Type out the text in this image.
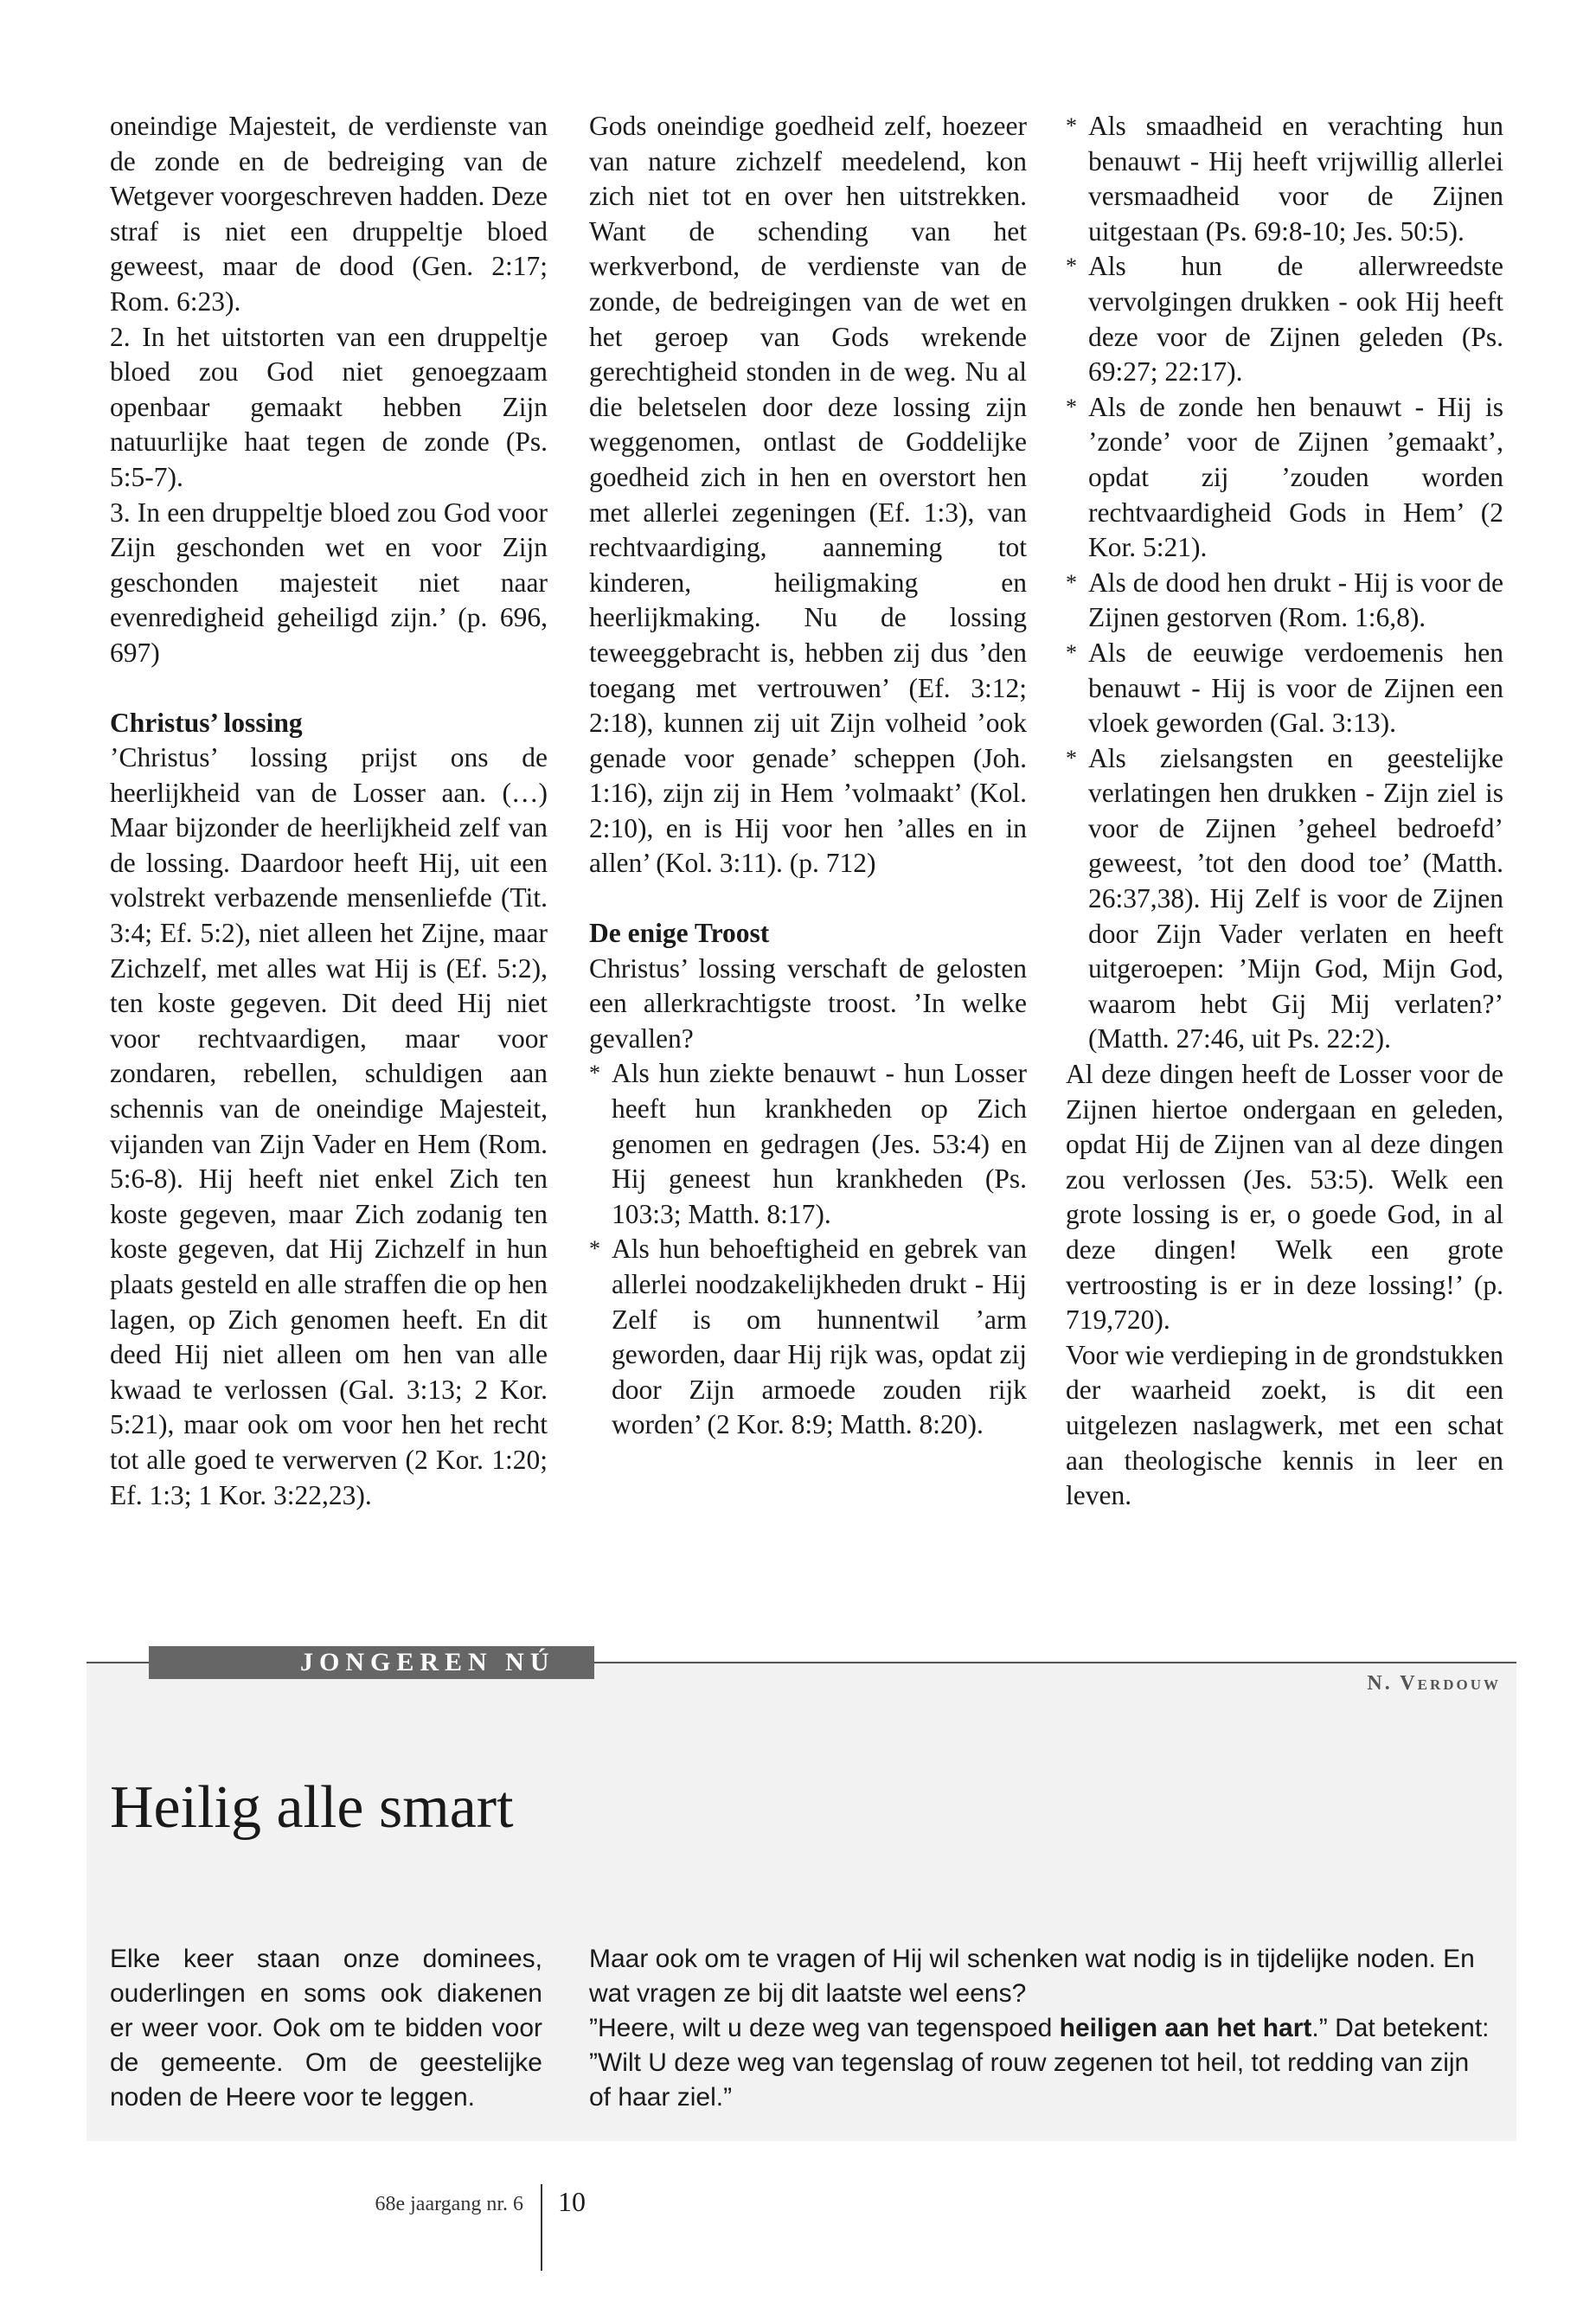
oneindige Majesteit, de verdienste van de zonde en de bedreiging van de Wetgever voorgeschreven hadden. Deze straf is niet een druppeltje bloed geweest, maar de dood (Gen. 2:17; Rom. 6:23).

2. In het uitstorten van een druppeltje bloed zou God niet genoegzaam openbaar gemaakt hebben Zijn natuurlijke haat tegen de zonde (Ps. 5:5-7).

3. In een druppeltje bloed zou God voor Zijn geschonden wet en voor Zijn geschonden majesteit niet naar evenredigheid geheiligd zijn.’ (p. 696, 697)

Christus’ lossing

’Christus’ lossing prijst ons de heerlijkheid van de Losser aan. (…) Maar bijzonder de heerlijkheid zelf van de lossing. Daardoor heeft Hij, uit een volstrekt verbazende mensenliefde (Tit. 3:4; Ef. 5:2), niet alleen het Zijne, maar Zichzelf, met alles wat Hij is (Ef. 5:2), ten koste gegeven. Dit deed Hij niet voor rechtvaardigen, maar voor zondaren, rebellen, schuldigen aan schennis van de oneindige Majesteit, vijanden van Zijn Vader en Hem (Rom. 5:6-8). Hij heeft niet enkel Zich ten koste gegeven, maar Zich zodanig ten koste gegeven, dat Hij Zichzelf in hun plaats gesteld en alle straffen die op hen lagen, op Zich genomen heeft. En dit deed Hij niet alleen om hen van alle kwaad te verlossen (Gal. 3:13; 2 Kor. 5:21), maar ook om voor hen het recht tot alle goed te verwerven (2 Kor. 1:20; Ef. 1:3; 1 Kor. 3:22,23).

Gods oneindige goedheid zelf, hoezeer van nature zichzelf meedelend, kon zich niet tot en over hen uitstrekken. Want de schending van het werkverbond, de verdienste van de zonde, de bedreigingen van de wet en het geroep van Gods wrekende gerechtigheid stonden in de weg. Nu al die beletselen door deze lossing zijn weggenomen, ontlast de Goddelijke goedheid zich in hen en overstort hen met allerlei zegeningen (Ef. 1:3), van rechtvaardiging, aanneming tot kinderen, heiligmaking en heerlijkmaking. Nu de lossing teweeggebracht is, hebben zij dus ’den toegang met vertrouwen’ (Ef. 3:12; 2:18), kunnen zij uit Zijn volheid ’ook genade voor genade’ scheppen (Joh. 1:16), zijn zij in Hem ’volmaakt’ (Kol. 2:10), en is Hij voor hen ’alles en in allen’ (Kol. 3:11). (p. 712)

De enige Troost

Christus’ lossing verschaft de gelosten een allerkrachtigste troost. ’In welke gevallen?

* Als hun ziekte benauwt - hun Losser heeft hun krankheden op Zich genomen en gedragen (Jes. 53:4) en Hij geneest hun krankheden (Ps. 103:3; Matth. 8:17).

* Als hun behoeftigheid en gebrek van allerlei noodzakelijkheden drukt - Hij Zelf is om hunnentwil ’arm geworden, daar Hij rijk was, opdat zij door Zijn armoede zouden rijk worden’ (2 Kor. 8:9; Matth. 8:20).

* Als smaadheid en verachting hun benauwt - Hij heeft vrijwillig allerlei versmaadheid voor de Zijnen uitgestaan (Ps. 69:8-10; Jes. 50:5).

* Als hun de allerwreedste vervolgingen drukken - ook Hij heeft deze voor de Zijnen geleden (Ps. 69:27; 22:17).

* Als de zonde hen benauwt - Hij is ’zonde’ voor de Zijnen ’gemaakt’, opdat zij ’zouden worden rechtvaardigheid Gods in Hem’ (2 Kor. 5:21).

* Als de dood hen drukt - Hij is voor de Zijnen gestorven (Rom. 1:6,8).

* Als de eeuwige verdoemenis hen benauwt - Hij is voor de Zijnen een vloek geworden (Gal. 3:13).

* Als zielsangsten en geestelijke verlatingen hen drukken - Zijn ziel is voor de Zijnen ’geheel bedroefd’ geweest, ’tot den dood toe’ (Matth. 26:37,38). Hij Zelf is voor de Zijnen door Zijn Vader verlaten en heeft uitgeroepen: ’Mijn God, Mijn God, waarom hebt Gij Mij verlaten?’ (Matth. 27:46, uit Ps. 22:2).

Al deze dingen heeft de Losser voor de Zijnen hiertoe ondergaan en geleden, opdat Hij de Zijnen van al deze dingen zou verlossen (Jes. 53:5). Welk een grote lossing is er, o goede God, in al deze dingen! Welk een grote vertroosting is er in deze lossing!’ (p. 719,720).

Voor wie verdieping in de grondstukken der waarheid zoekt, is dit een uitgelezen naslagwerk, met een schat aan theologische kennis in leer en leven.

JONGEREN NÚ
N. Verdouw
Heilig alle smart

Elke keer staan onze dominees, ouderlingen en soms ook diakenen er weer voor. Ook om te bidden voor de gemeente. Om de geestelijke noden de Heere voor te leggen.

Maar ook om te vragen of Hij wil schenken wat nodig is in tijdelijke noden. En wat vragen ze bij dit laatste wel eens?

”Heere, wilt u deze weg van tegenspoed heiligen aan het hart.” Dat betekent: ”Wilt U deze weg van tegenslag of rouw zegenen tot heil, tot redding van zijn of haar ziel.”

68e jaargang nr. 6 10
